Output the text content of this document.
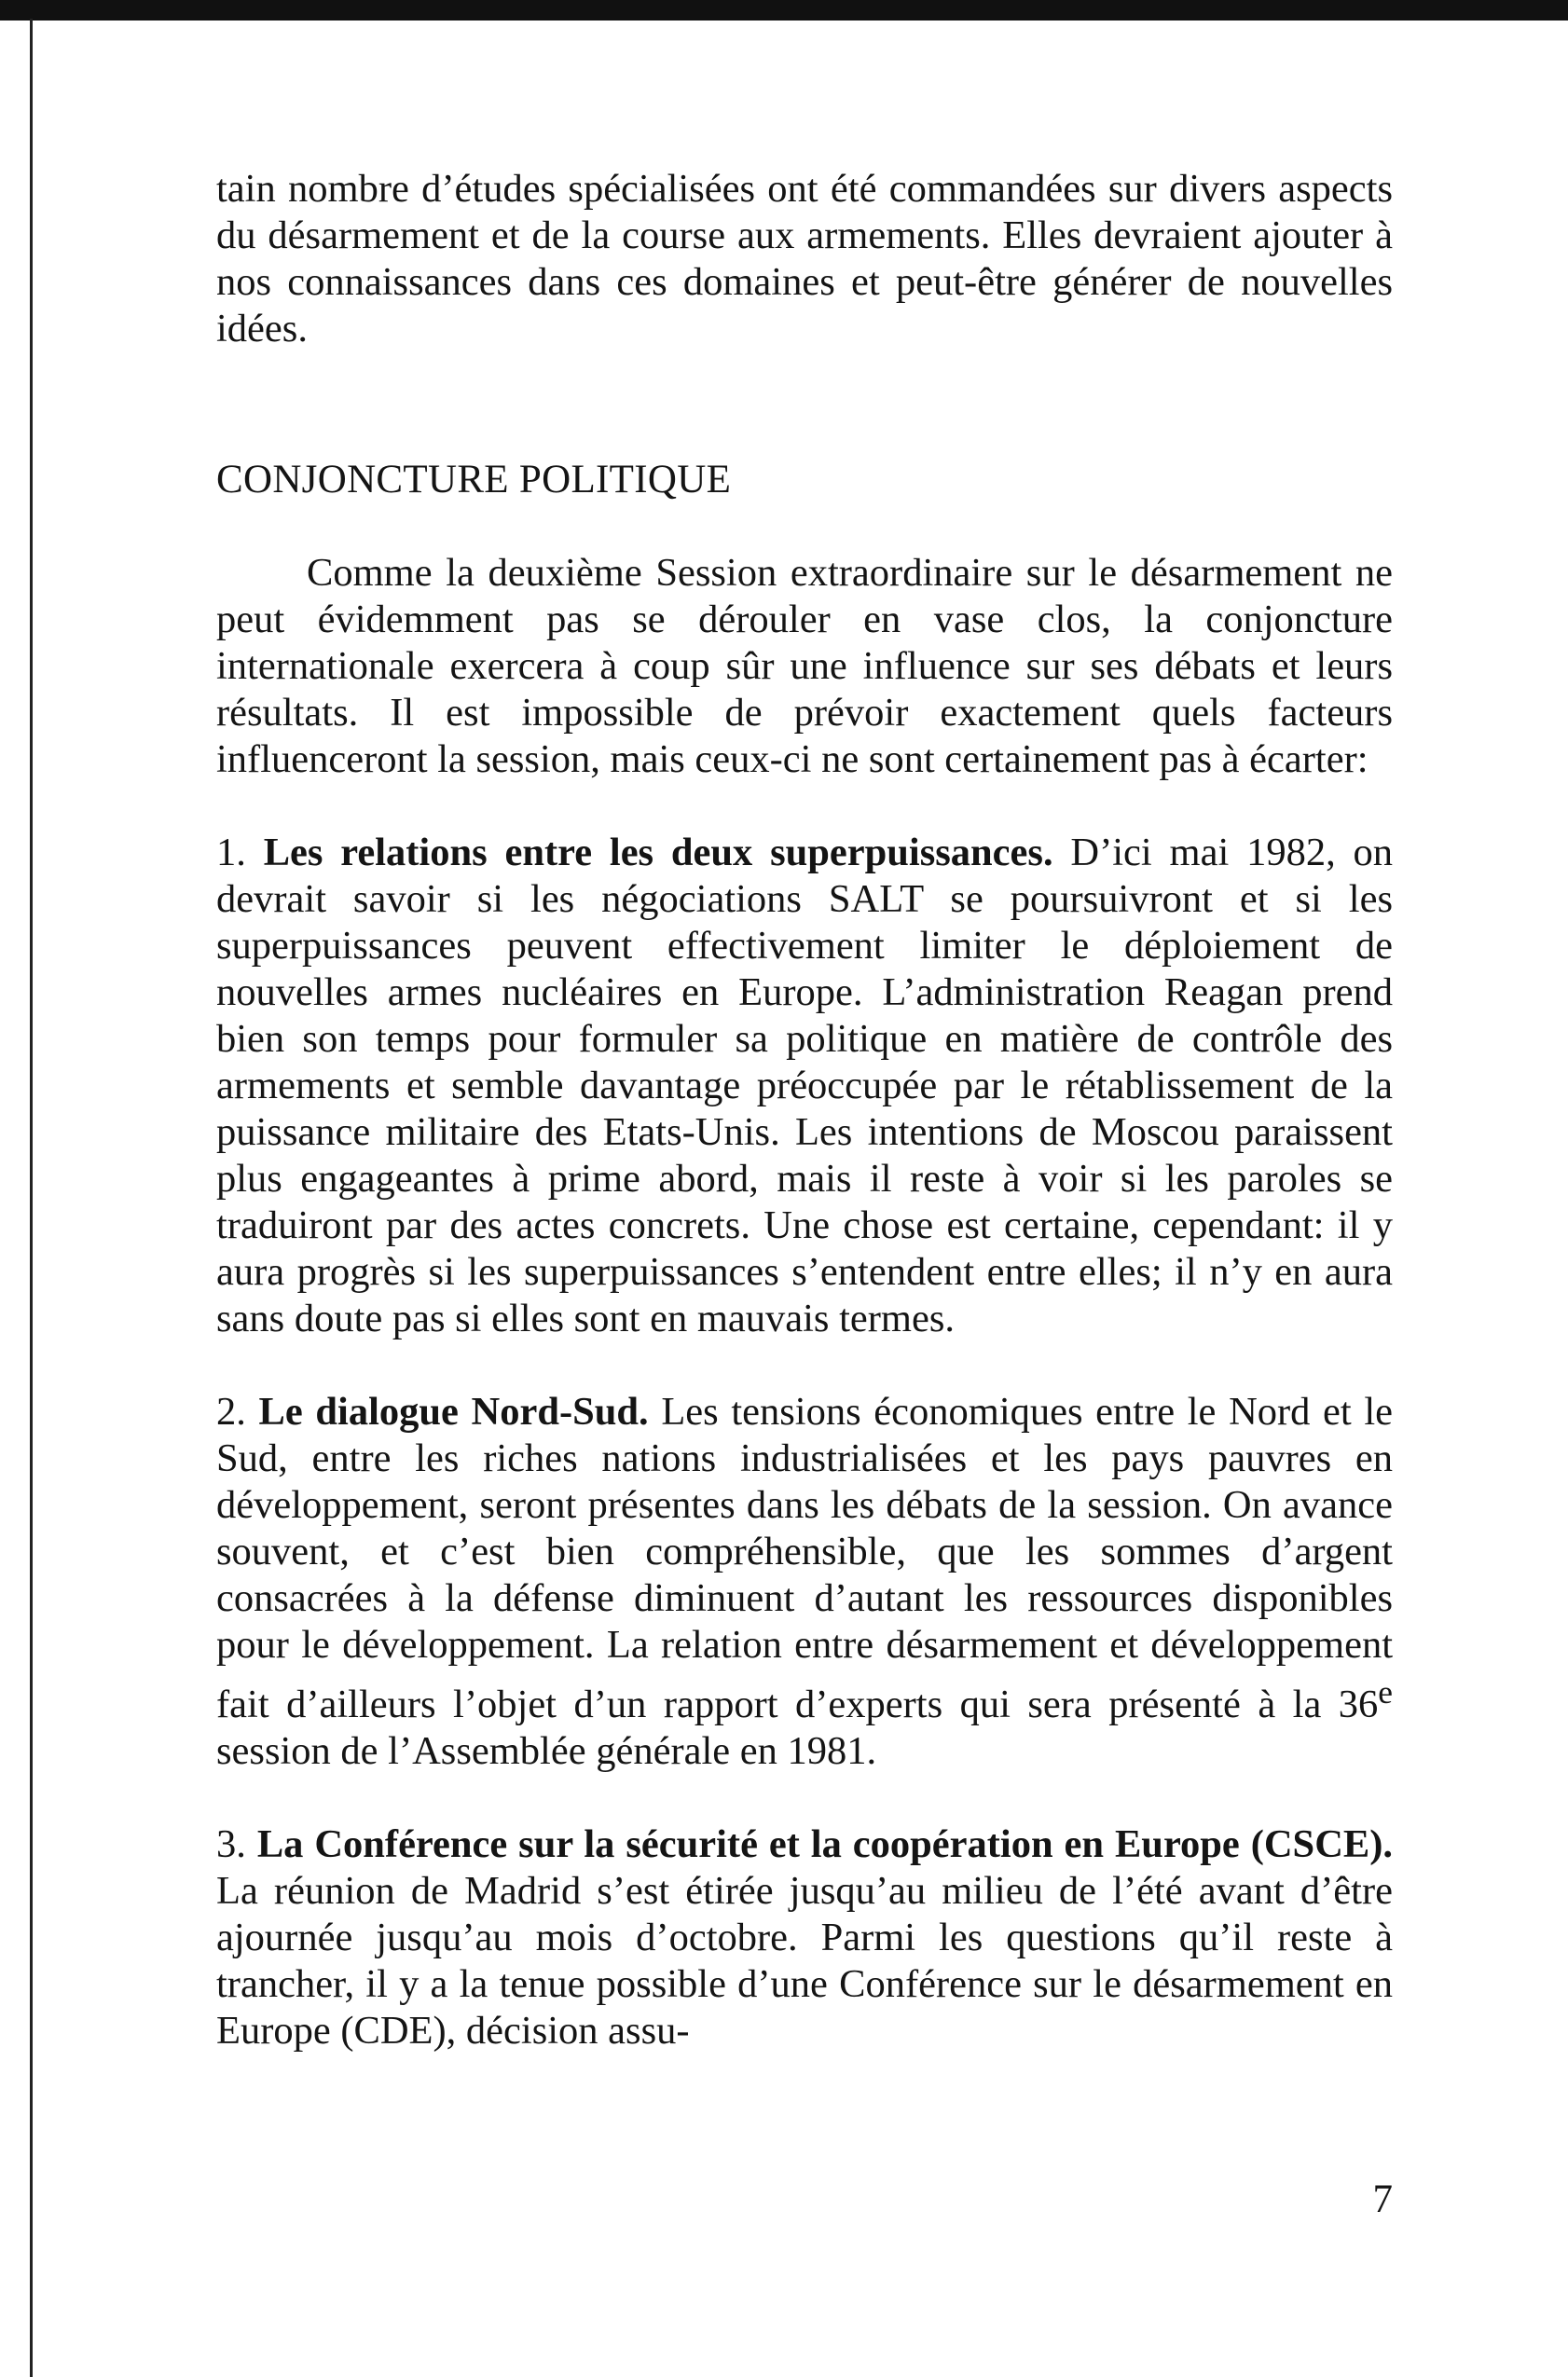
tain nombre d’études spécialisées ont été commandées sur divers aspects du désarmement et de la course aux armements. Elles devraient ajouter à nos connaissances dans ces domaines et peut-être générer de nouvelles idées.

CONJONCTURE POLITIQUE

Comme la deuxième Session extraordinaire sur le désarmement ne peut évidemment pas se dérouler en vase clos, la conjoncture internationale exercera à coup sûr une influence sur ses débats et leurs résultats. Il est impossible de prévoir exactement quels facteurs influenceront la session, mais ceux-ci ne sont certainement pas à écarter:

1. Les relations entre les deux superpuissances. D’ici mai 1982, on devrait savoir si les négociations SALT se poursuivront et si les superpuissances peuvent effectivement limiter le déploiement de nouvelles armes nucléaires en Europe. L’administration Reagan prend bien son temps pour formuler sa politique en matière de contrôle des armements et semble davantage préoccupée par le rétablissement de la puissance militaire des Etats-Unis. Les intentions de Moscou paraissent plus engageantes à prime abord, mais il reste à voir si les paroles se traduiront par des actes concrets. Une chose est certaine, cependant: il y aura progrès si les superpuissances s’entendent entre elles; il n’y en aura sans doute pas si elles sont en mauvais termes.

2. Le dialogue Nord-Sud. Les tensions économiques entre le Nord et le Sud, entre les riches nations industrialisées et les pays pauvres en développement, seront présentes dans les débats de la session. On avance souvent, et c’est bien compréhensible, que les sommes d’argent consacrées à la défense diminuent d’autant les ressources disponibles pour le développement. La relation entre désarmement et développement fait d’ailleurs l’objet d’un rapport d’experts qui sera présenté à la 36e session de l’Assemblée générale en 1981.

3. La Conférence sur la sécurité et la coopération en Europe (CSCE). La réunion de Madrid s’est étirée jusqu’au milieu de l’été avant d’être ajournée jusqu’au mois d’octobre. Parmi les questions qu’il reste à trancher, il y a la tenue possible d’une Conférence sur le désarmement en Europe (CDE), décision assu-

7
